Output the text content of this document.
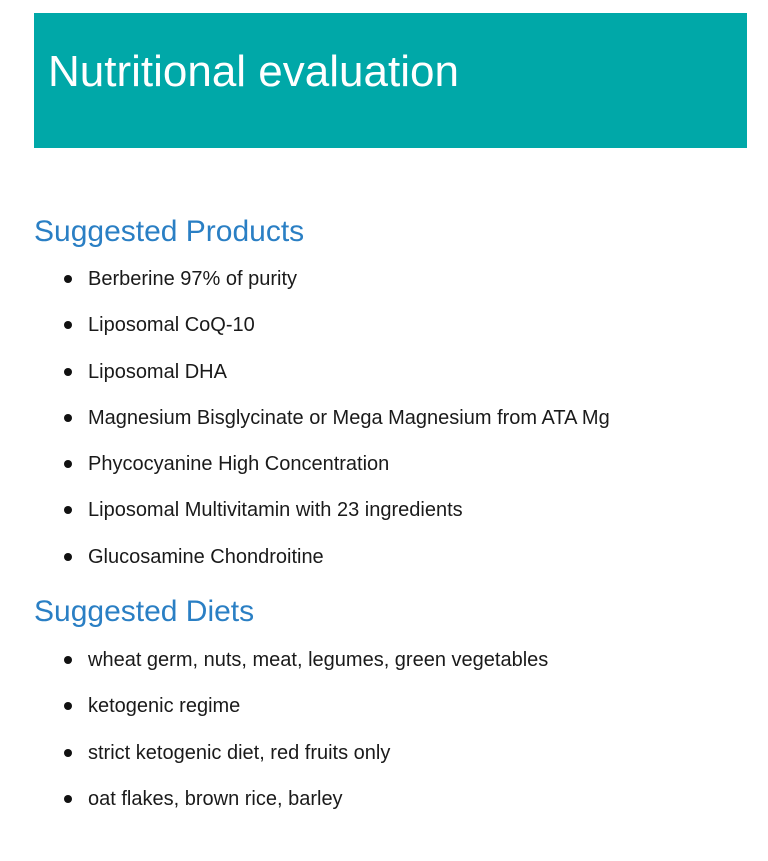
Nutritional evaluation
Suggested Products
Berberine 97% of purity
Liposomal CoQ-10
Liposomal DHA
Magnesium Bisglycinate or Mega Magnesium from ATA Mg
Phycocyanine High Concentration
Liposomal Multivitamin with 23 ingredients
Glucosamine Chondroitine
Suggested Diets
wheat germ, nuts, meat, legumes, green vegetables
ketogenic regime
strict ketogenic diet, red fruits only
oat flakes, brown rice, barley
